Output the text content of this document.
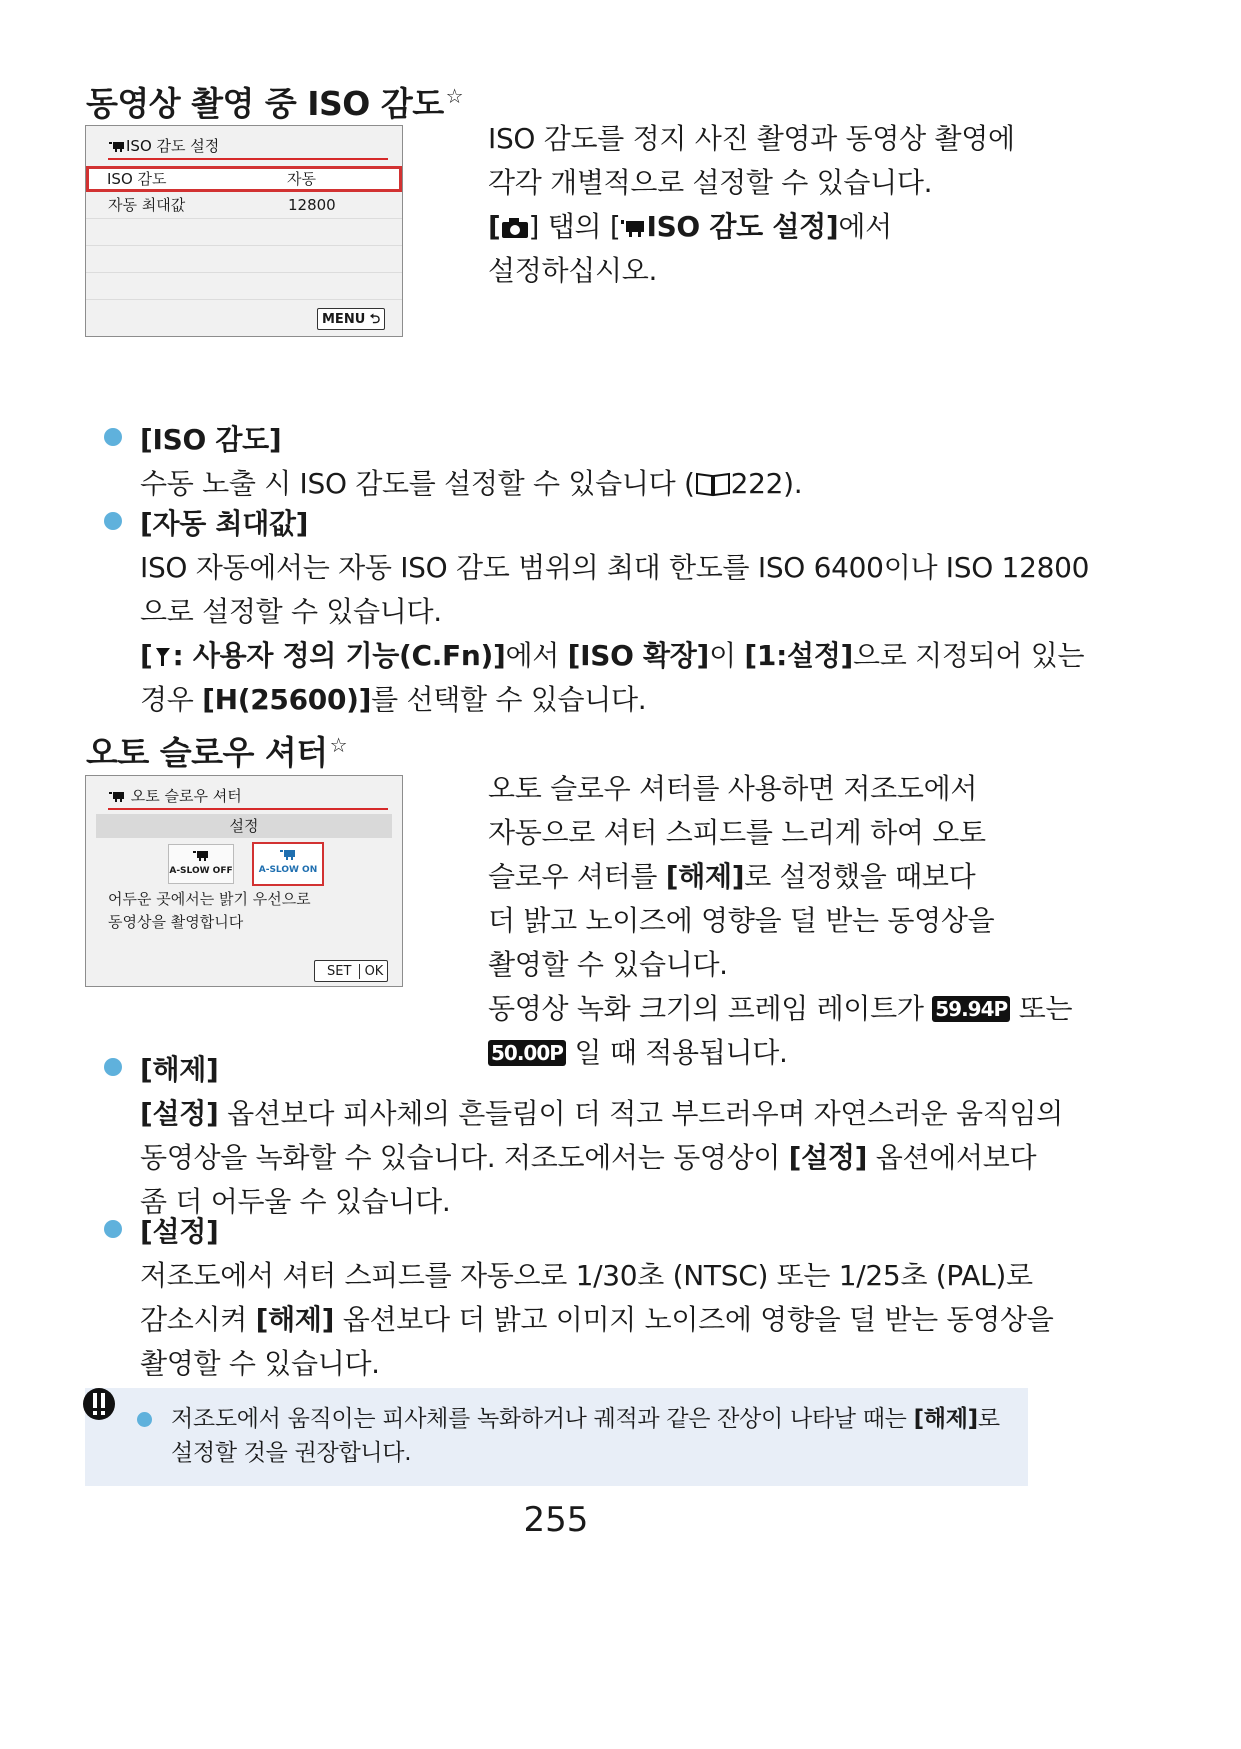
동영상 촬영 중 ISO 감도 ☆
ISO 감도 설정
ISO 감도	자동
자동 최대값	12800
MENU ⮌

ISO 감도를 정지 사진 촬영과 동영상 촬영에

각각 개별적으로 설정할 수 있습니다.

[ ] 탭의 [ ISO 감도 설정]에서

설정하십시오.

[ISO 감도]

수동 노출 시 ISO 감도를 설정할 수 있습니다 ( 222).

[자동 최대값]

ISO 자동에서는 자동 ISO 감도 범위의 최대 한도를 ISO 6400이나 ISO 12800

으로 설정할 수 있습니다.

[ : 사용자 정의 기능(C.Fn)]에서 [ISO 확장]이 [1:설정]으로 지정되어 있는

경우 [H(25600)]를 선택할 수 있습니다.

오토 슬로우 셔터 ☆
오토 슬로우 셔터
설정
A-SLOW OFF	A-SLOW ON
어두운 곳에서는 밝기 우선으로
동영상을 촬영합니다
SET OK

오토 슬로우 셔터를 사용하면 저조도에서

자동으로 셔터 스피드를 느리게 하여 오토

슬로우 셔터를 [해제]로 설정했을 때보다

더 밝고 노이즈에 영향을 덜 받는 동영상을

촬영할 수 있습니다.

동영상 녹화 크기의 프레임 레이트가 59.94P 또는

50.00P 일 때 적용됩니다.

[해제]

[설정] 옵션보다 피사체의 흔들림이 더 적고 부드러우며 자연스러운 움직임의

동영상을 녹화할 수 있습니다. 저조도에서는 동영상이 [설정] 옵션에서보다

좀 더 어두울 수 있습니다.

[설정]

저조도에서 셔터 스피드를 자동으로 1/30초 (NTSC) 또는 1/25초 (PAL)로

감소시켜 [해제] 옵션보다 더 밝고 이미지 노이즈에 영향을 덜 받는 동영상을

촬영할 수 있습니다.

저조도에서 움직이는 피사체를 녹화하거나 궤적과 같은 잔상이 나타날 때는 [해제]로
설정할 것을 권장합니다.
255
